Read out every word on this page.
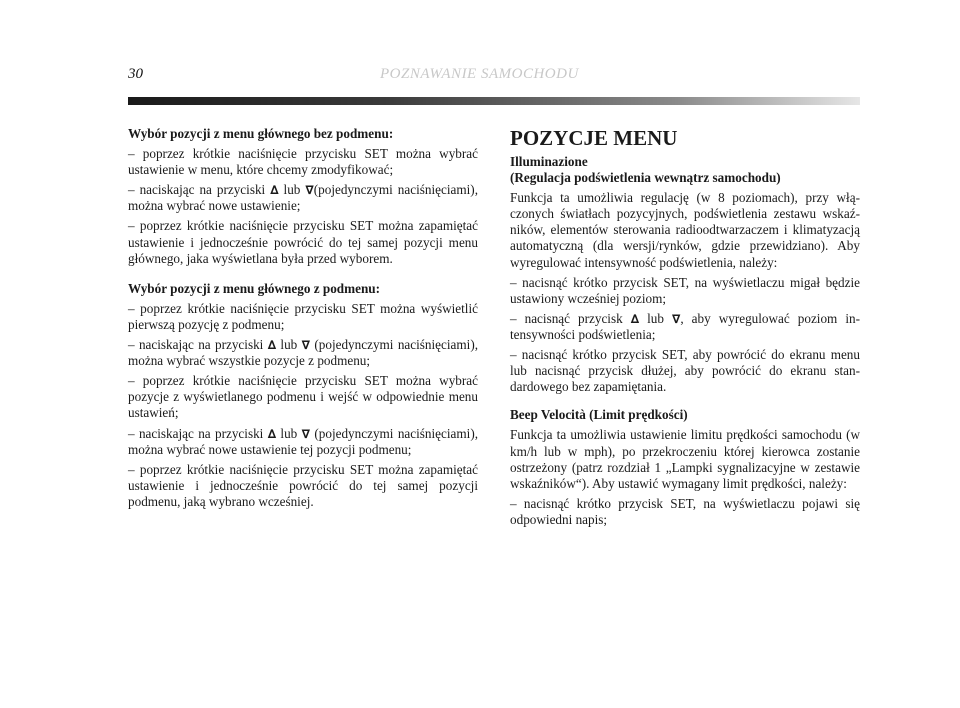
30	POZNAWANIE SAMOCHODU

Wybór pozycji z menu głównego bez podmenu:

– poprzez krótkie naciśnięcie przycisku SET można wybrać ustawienie w menu, które chcemy zmodyfikować;

– naciskając na przyciski ∆ lub ∇(pojedynczymi naciśnięciami), można wybrać nowe ustawienie;

– poprzez krótkie naciśnięcie przycisku SET można zapamiętać ustawienie i jednocześnie powrócić do tej samej pozycji menu głównego, jaka wyświetlana była przed wyborem.

Wybór pozycji z menu głównego z podmenu:

– poprzez krótkie naciśnięcie przycisku SET można wyświetlić pierwszą pozycję z podmenu;

– naciskając na przyciski ∆ lub ∇ (pojedynczymi naciśnięciami), można wybrać wszystkie pozycje z podmenu;

– poprzez krótkie naciśnięcie przycisku SET można wybrać pozycje z wyświetlanego podmenu i wejść w odpowiednie menu ustawień;

– naciskając na przyciski ∆ lub ∇ (pojedynczymi naciśnięciami), można wybrać nowe ustawienie tej pozycji podmenu;

– poprzez krótkie naciśnięcie przycisku SET można zapamiętać ustawienie i jednocześnie powrócić do tej samej pozycji podmenu, jaką wybrano wcześniej.

POZYCJE MENU

Illuminazione
(Regulacja podświetlenia wewnątrz samochodu)

Funkcja ta umożliwia regulację (w 8 poziomach), przy włączonych światłach pozycyjnych, podświetlenia zestawu wskaźników, elementów sterowania radioodtwarzaczem i klimatyzacją automatyczną (dla wersji/rynków, gdzie przewidziano). Aby wyregulować intensywność podświetlenia, należy:

– nacisnąć krótko przycisk SET, na wyświetlaczu migał będzie ustawiony wcześniej poziom;

– nacisnąć przycisk ∆ lub ∇, aby wyregulować poziom intensywności podświetlenia;

– nacisnąć krótko przycisk SET, aby powrócić do ekranu menu lub nacisnąć przycisk dłużej, aby powrócić do ekranu standardowego bez zapamiętania.

Beep Velocità (Limit prędkości)

Funkcja ta umożliwia ustawienie limitu prędkości samochodu (w km/h lub w mph), po przekroczeniu której kierowca zostanie ostrzeżony (patrz rozdział 1 „Lampki sygnalizacyjne w zestawie wskaźników“). Aby ustawić wymagany limit prędkości, należy:

– nacisnąć krótko przycisk SET, na wyświetlaczu pojawi się odpowiedni napis;
